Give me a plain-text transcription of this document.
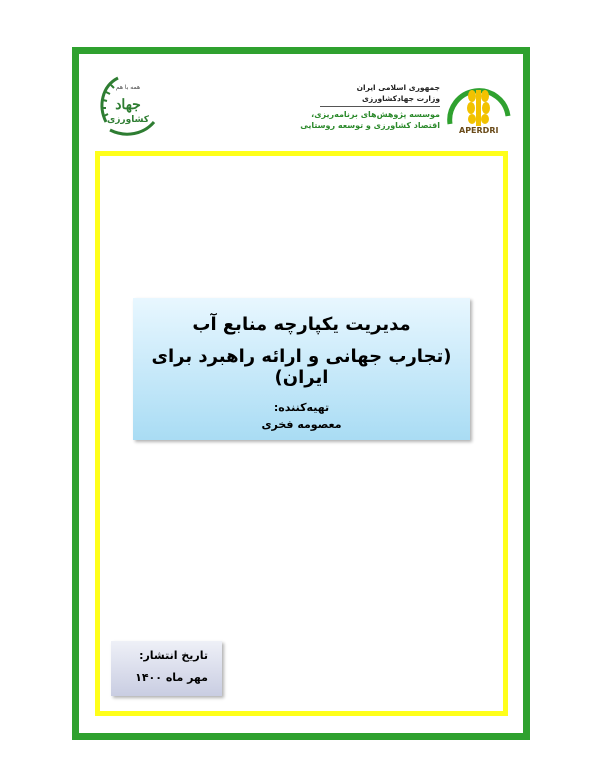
همه با هم
جهاد
کشاورزی
APERDRI
جمهوری اسلامی ایران
وزارت جهادکشاورزی
موسسه پژوهش‌های برنامه‌ریزی،
اقتصاد کشاورزی و توسعه روستایی
مدیریت یکپارچه منابع آب
(تجارب جهانی و ارائه راهبرد برای ایران)
تهیه‌کننده:
معصومه فخری
تاریخ انتشار:
مهر ماه ۱۴۰۰
